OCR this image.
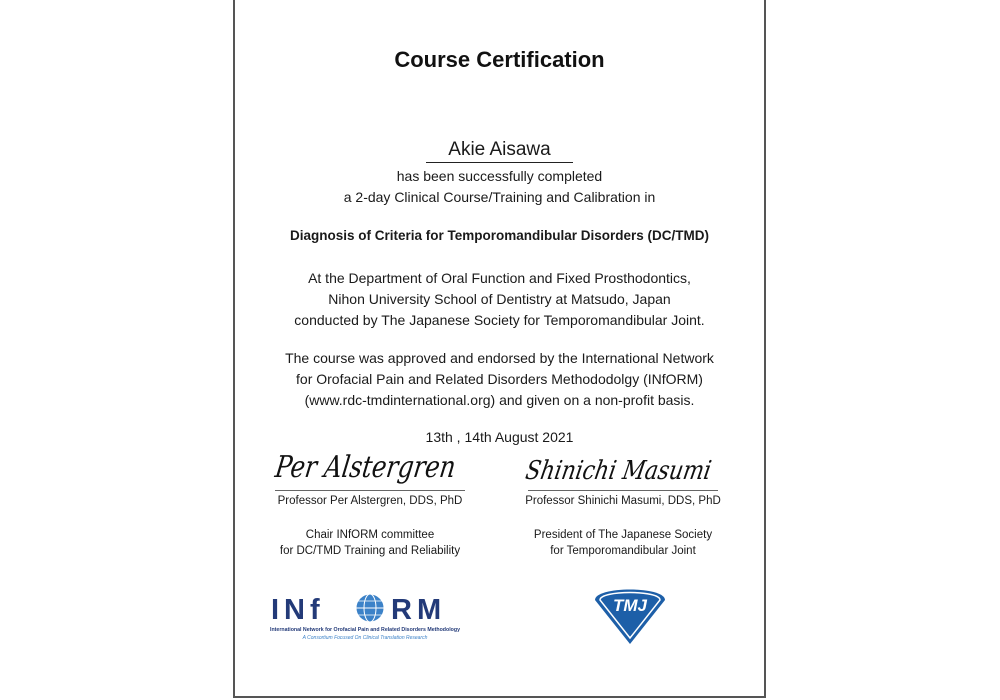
Course Certification
Akie Aisawa
has been successfully completed
a 2-day Clinical Course/Training and Calibration in
Diagnosis of Criteria for Temporomandibular Disorders (DC/TMD)
At the Department of Oral Function and Fixed Prosthodontics,
Nihon University School of Dentistry at Matsudo, Japan
conducted by The Japanese Society for Temporomandibular Joint.
The course was approved and endorsed by the International Network
for Orofacial Pain and Related Disorders Methododolgy (INfORM)
(www.rdc-tmdinternational.org) and given on a non-profit basis.
13th , 14th August 2021
Per Alstergren
Professor Per Alstergren, DDS, PhD
Shinichi Masumi
Professor Shinichi Masumi, DDS, PhD
Chair INfORM committee
for DC/TMD Training and Reliability
President of The Japanese Society
for Temporomandibular Joint
INf RM
International Network for Orofacial Pain and Related Disorders Methodology
A Consortium Focused On Clinical Translation Research
TMJ
